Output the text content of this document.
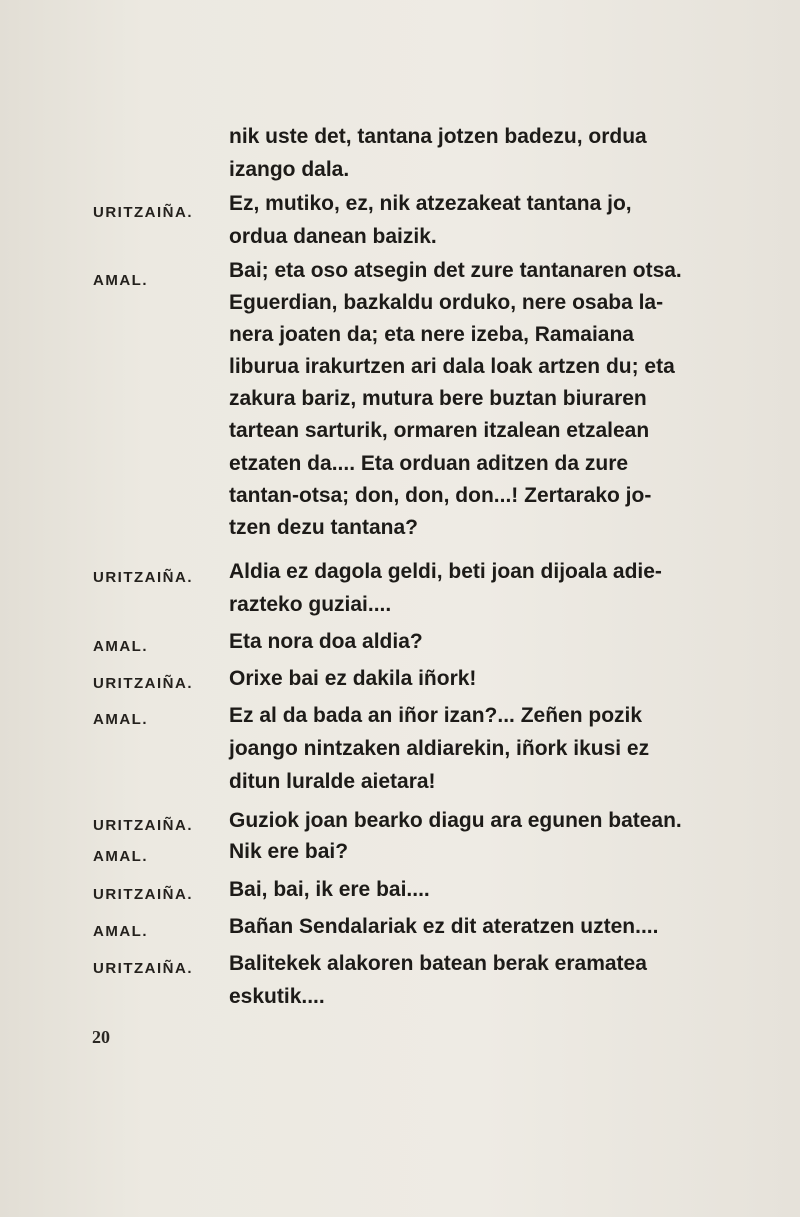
nik uste det, tantana jotzen badezu, ordua
izango dala.
URITZAIÑA. Ez, mutiko, ez, nik atzezakeat tantana jo,
ordua danean baizik.
AMAL.	Bai; eta oso atsegin det zure tantanaren otsa.
Eguerdian, bazkaldu orduko, nere osaba la-
nera joaten da; eta nere izeba, Ramaiana
liburua irakurtzen ari dala loak artzen du; eta
zakura bariz, mutura bere buztan biuraren
tartean sarturik, ormaren itzalean etzalean
etzaten da.... Eta orduan aditzen da zure
tantan-otsa; don, don, don...! Zertarako jo-
tzen dezu tantana?
URITZAIÑA. Aldia ez dagola geldi, beti joan dijoala adie-
razteko guziai....
AMAL.	Eta nora doa aldia?
URITZAIÑA. Orixe bai ez dakila iñork!
AMAL.	Ez al da bada an iñor izan?... Zeñen pozik
joango nintzaken aldiarekin, iñork ikusi ez
ditun luralde aietara!
URITZAIÑA. Guziok joan bearko diagu ara egunen batean.
AMAL.	Nik ere bai?
URITZAIÑA. Bai, bai, ik ere bai....
AMAL.	Bañan Sendalariak ez dit ateratzen uzten....
URITZAIÑA. Balitekek alakoren batean berak eramatea
eskutik....
20
